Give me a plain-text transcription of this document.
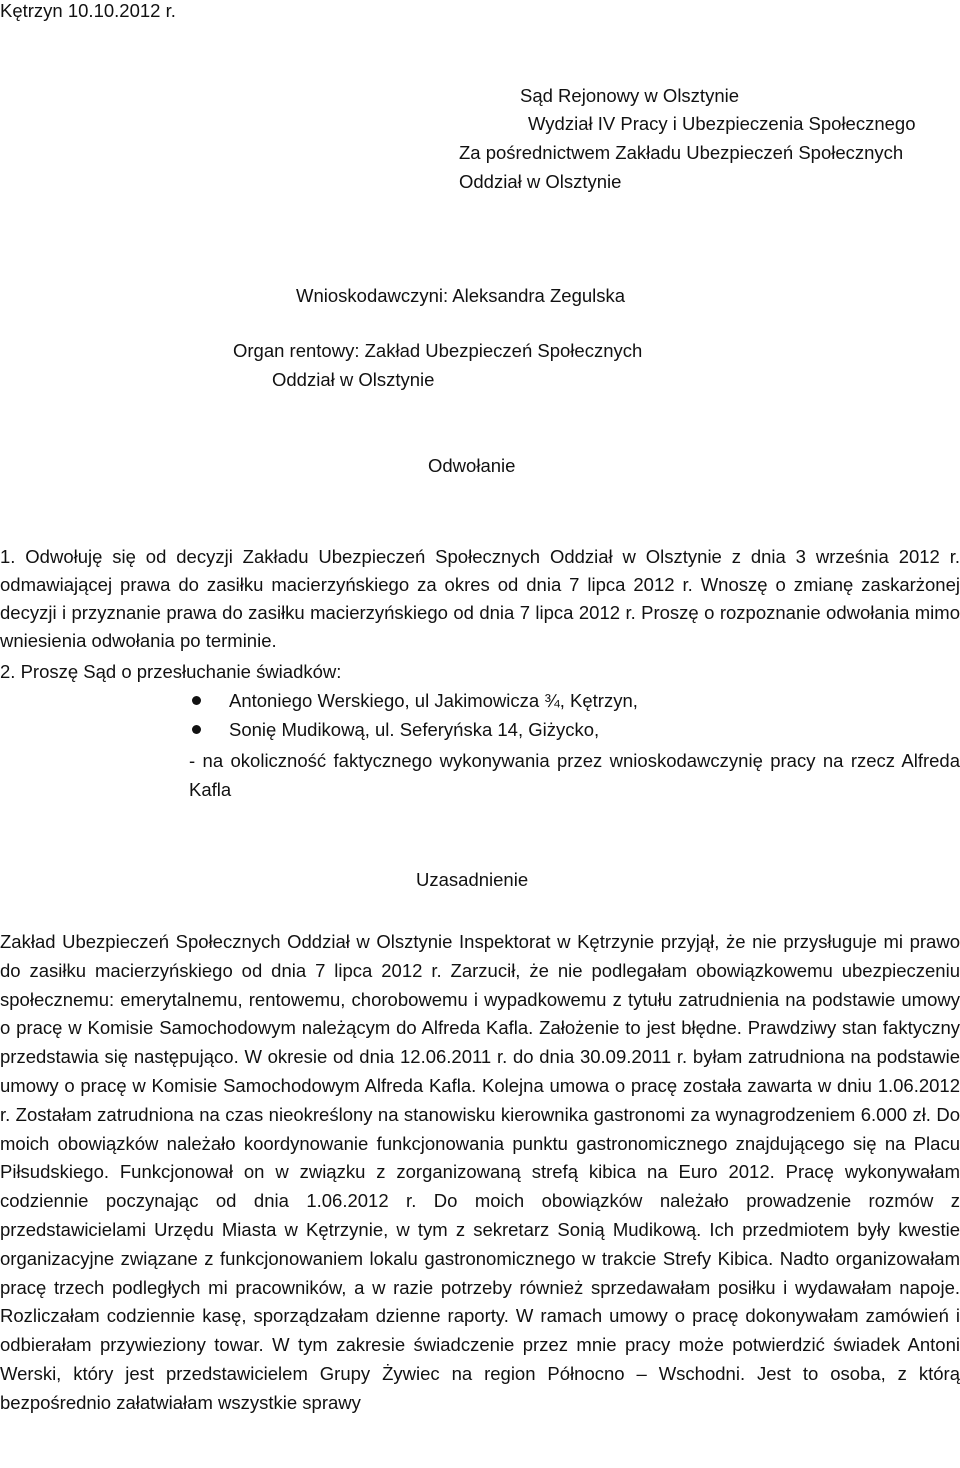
Kętrzyn 10.10.2012 r.
Sąd Rejonowy w Olsztynie
Wydział IV Pracy i Ubezpieczenia Społecznego
Za pośrednictwem Zakładu Ubezpieczeń Społecznych
Oddział w Olsztynie
Wnioskodawczyni: Aleksandra Zegulska
Organ rentowy: Zakład Ubezpieczeń Społecznych
Oddział w Olsztynie
Odwołanie

1. Odwołuję się od decyzji Zakładu Ubezpieczeń Społecznych Oddział w Olsztynie z dnia 3 września 2012 r. odmawiającej prawa do zasiłku macierzyńskiego za okres od dnia 7 lipca 2012 r. Wnoszę o zmianę zaskarżonej decyzji i przyznanie prawa do zasiłku macierzyńskiego od dnia 7 lipca 2012 r. Proszę o rozpoznanie odwołania mimo wniesienia odwołania po terminie.

2. Proszę Sąd o przesłuchanie świadków:
Antoniego Werskiego, ul Jakimowicza ¾, Kętrzyn,
Sonię Mudikową, ul. Seferyńska 14, Giżycko,

- na okoliczność faktycznego wykonywania przez wnioskodawczynię pracy na rzecz Alfreda Kafla

Uzasadnienie

Zakład Ubezpieczeń Społecznych Oddział w Olsztynie Inspektorat w Kętrzynie przyjął, że nie przysługuje mi prawo do zasiłku macierzyńskiego od dnia 7 lipca 2012 r. Zarzucił, że nie podlegałam obowiązkowemu ubezpieczeniu społecznemu: emerytalnemu, rentowemu, chorobowemu i wypadkowemu z tytułu zatrudnienia na podstawie umowy o pracę w Komisie Samochodowym należącym do Alfreda Kafla. Założenie to jest błędne. Prawdziwy stan faktyczny przedstawia się następująco. W okresie od dnia 12.06.2011 r. do dnia 30.09.2011 r. byłam zatrudniona na podstawie umowy o pracę w Komisie Samochodowym Alfreda Kafla. Kolejna umowa o pracę została zawarta w dniu 1.06.2012 r. Zostałam zatrudniona na czas nieokreślony na stanowisku kierownika gastronomi za wynagrodzeniem 6.000 zł. Do moich obowiązków należało koordynowanie funkcjonowania punktu gastronomicznego znajdującego się na Placu Piłsudskiego. Funkcjonował on w związku z zorganizowaną strefą kibica na Euro 2012. Pracę wykonywałam codziennie poczynając od dnia 1.06.2012 r. Do moich obowiązków należało prowadzenie rozmów z przedstawicielami Urzędu Miasta w Kętrzynie, w tym z sekretarz Sonią Mudikową. Ich przedmiotem były kwestie organizacyjne związane z funkcjonowaniem lokalu gastronomicznego w trakcie Strefy Kibica. Nadto organizowałam pracę trzech podległych mi pracowników, a w razie potrzeby również sprzedawałam posiłku i wydawałam napoje. Rozliczałam codziennie kasę, sporządzałam dzienne raporty. W ramach umowy o pracę dokonywałam zamówień i odbierałam przywieziony towar. W tym zakresie świadczenie przez mnie pracy może potwierdzić świadek Antoni Werski, który jest przedstawicielem Grupy Żywiec na region Północno – Wschodni. Jest to osoba, z którą bezpośrednio załatwiałam wszystkie sprawy
